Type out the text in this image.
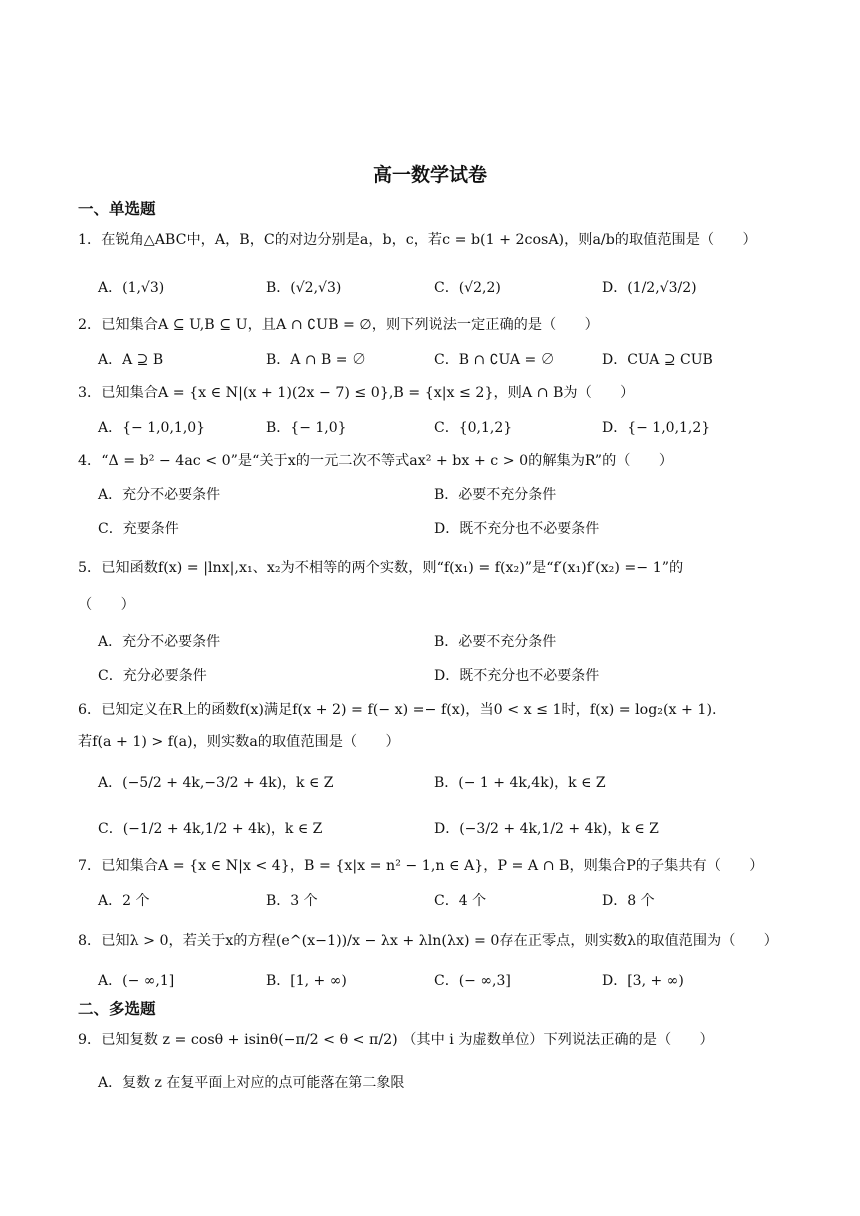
高一数学试卷
一、单选题
1．在锐角△ABC中，A，B，C的对边分别是a，b，c，若c = b(1 + 2cosA)，则a/b的取值范围是（　　）
A．(1,√3)	B．(√2,√3)	C．(√2,2)	D．(1/2,√3/2)
2．已知集合A ⊆ U,B ⊆ U，且A ∩ ∁UB = ∅，则下列说法一定正确的是（　　）
A．A ⊇ B	B．A ∩ B = ∅	C．B ∩ ∁UA = ∅	D．CUA ⊇ CUB
3．已知集合A = {x ∈ N|(x + 1)(2x − 7) ≤ 0},B = {x|x ≤ 2}，则A ∩ B为（　　）
A．{− 1,0,1,0}	B．{− 1,0}	C．{0,1,2}	D．{− 1,0,1,2}
4．“Δ = b² − 4ac < 0”是“关于x的一元二次不等式ax² + bx + c > 0的解集为R”的（　　）
A．充分不必要条件	B．必要不充分条件
C．充要条件	D．既不充分也不必要条件
5．已知函数f(x) = |lnx|,x₁、x₂为不相等的两个实数，则“f(x₁) = f(x₂)”是“f′(x₁)f′(x₂) =− 1”的
（　　）
A．充分不必要条件	B．必要不充分条件
C．充分必要条件	D．既不充分也不必要条件
6．已知定义在R上的函数f(x)满足f(x + 2) = f(− x) =− f(x)，当0 < x ≤ 1时，f(x) = log₂(x + 1).
若f(a + 1) > f(a)，则实数a的取值范围是（　　）
A．(−5/2 + 4k,−3/2 + 4k)，k ∈ Z	B．(− 1 + 4k,4k)，k ∈ Z
C．(−1/2 + 4k,1/2 + 4k)，k ∈ Z	D．(−3/2 + 4k,1/2 + 4k)，k ∈ Z
7．已知集合A = {x ∈ N|x < 4}，B = {x|x = n² − 1,n ∈ A}，P = A ∩ B，则集合P的子集共有（　　）
A．2 个	B．3 个	C．4 个	D．8 个
8．已知λ > 0，若关于x的方程(e^(x−1))/x − λx + λln(λx) = 0存在正零点，则实数λ的取值范围为（　　）
A．(− ∞,1]	B．[1, + ∞)	C．(− ∞,3]	D．[3, + ∞)
二、多选题
9．已知复数 z = cosθ + isinθ(−π/2 < θ < π/2) （其中 i 为虚数单位）下列说法正确的是（　　）
A．复数 z 在复平面上对应的点可能落在第二象限
